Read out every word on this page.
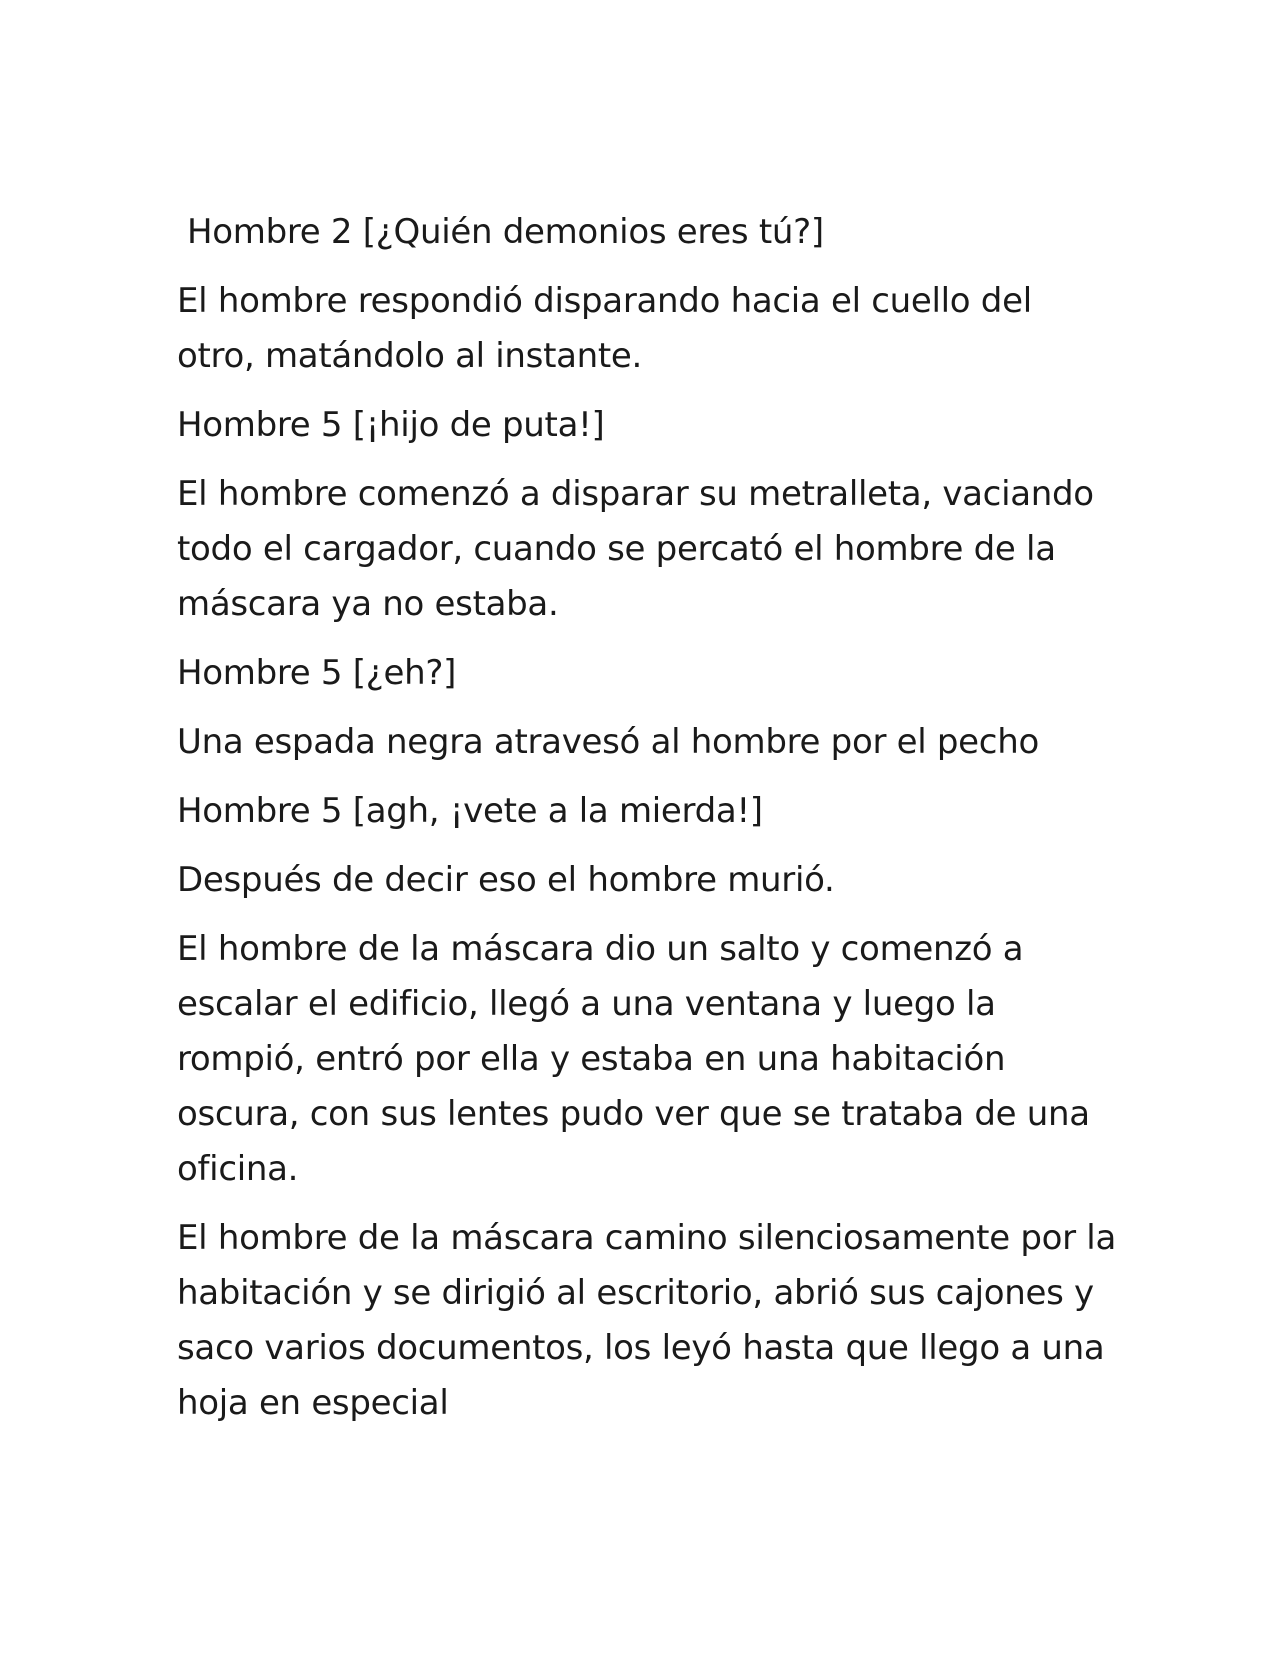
Hombre 2 [¿Quién demonios eres tú?]

El hombre respondió disparando hacia el cuello del otro, matándolo al instante.

Hombre 5 [¡hijo de puta!]

El hombre comenzó a disparar su metralleta, vaciando todo el cargador, cuando se percató el hombre de la máscara ya no estaba.

Hombre 5 [¿eh?]

Una espada negra atravesó al hombre por el pecho

Hombre 5 [agh, ¡vete a la mierda!]

Después de decir eso el hombre murió.

El hombre de la máscara dio un salto y comenzó a escalar el edificio, llegó a una ventana y luego la rompió, entró por ella y estaba en una habitación oscura, con sus lentes pudo ver que se trataba de una oficina.

El hombre de la máscara camino silenciosamente por la habitación y se dirigió al escritorio, abrió sus cajones y saco varios documentos, los leyó hasta que llego a una hoja en especial
